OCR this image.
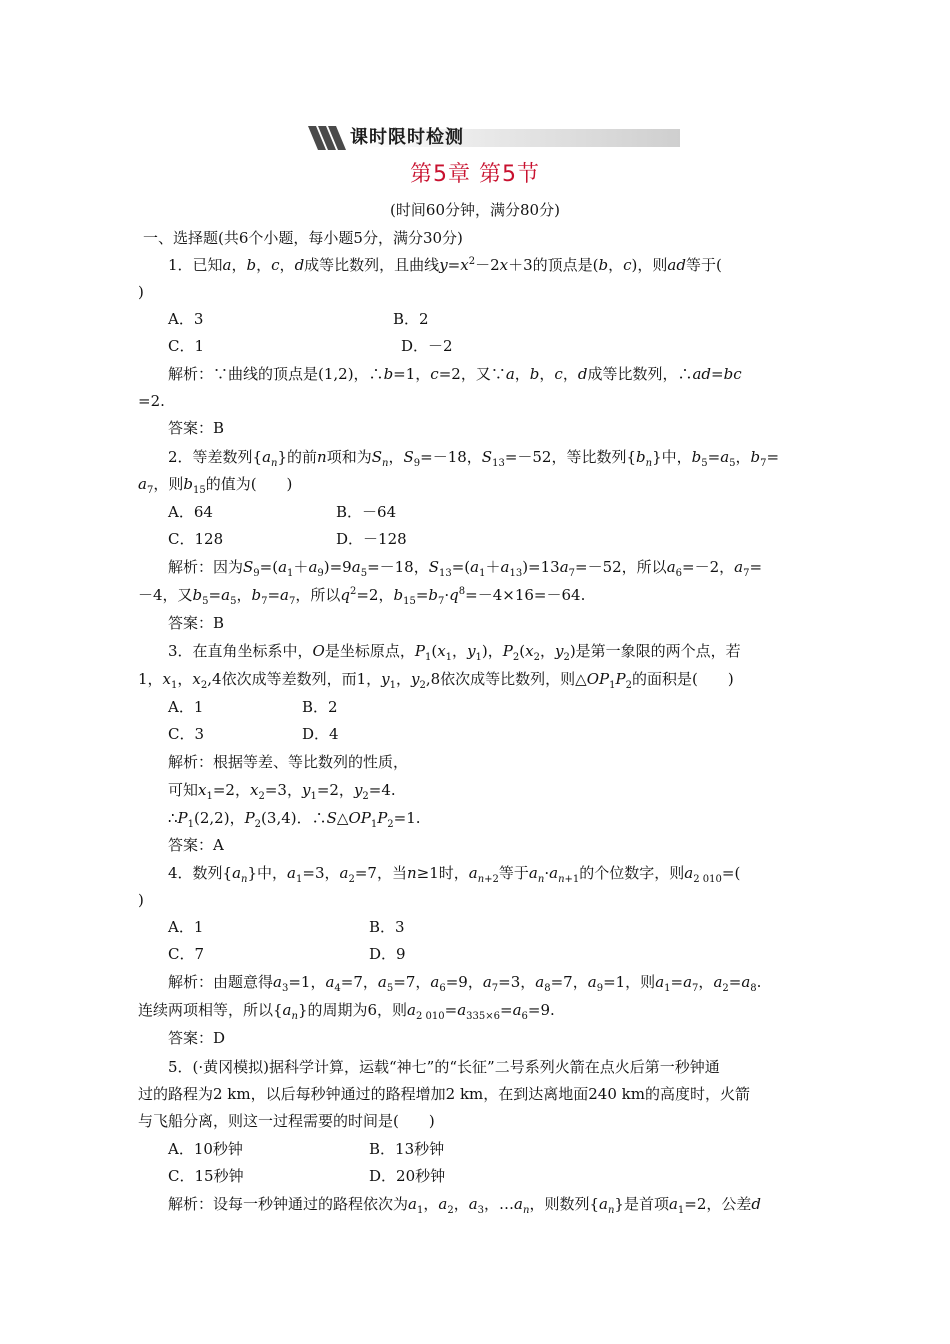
课时限时检测
第5章 第5节
(时间60分钟，满分80分)
一、选择题(共6个小题，每小题5分，满分30分)
1．已知a，b，c，d成等比数列，且曲线$y=x^2-2x+3$的顶点是(b，c)，则ad等于(
)
A．3	B．2
C．1	D．－2
解析：∵曲线的顶点是(1,2)，∴b=1，c=2，又∵a，b，c，d成等比数列，∴ad=bc
=2.
答案：B
2．等差数列$\{a_n\}$的前n项和为$S_n$，$S_9=-18$，$S_{13}=-52$，等比数列$\{b_n\}$中，$b_5=a_5$，$b_7=$
$a_7$，则$b_{15}$的值为(　　)
A．64	B．－64
C．128	D．－128
解析：因为$S_9=(a_1+a_9)=9a_5=-18$，$S_{13}=(a_1+a_{13})=13a_7=-52$，所以$a_6=-2$，$a_7=$
－4，又$b_5=a_5$，$b_7=a_7$，所以$q^2=2$，$b_{15}=b_7\cdot q^8=-4\times 16=-64$.
答案：B
3．在直角坐标系中，O是坐标原点，$P_1(x_1$，$y_1$)，$P_2(x_2$，$y_2$)是第一象限的两个点，若
1，$x_1$，$x_2,4$依次成等差数列，而1，$y_1$，$y_2,8$依次成等比数列，则$\triangle OP_1P_2$的面积是(　　)
A．1	B．2
C．3	D．4
解析：根据等差、等比数列的性质，
可知$x_1=2$，$x_2=3$，$y_1=2$，$y_2=4$.
$\therefore P_1(2,2)$，$P_2(3,4)$．$\therefore S\triangle OP_1P_2=1$.
答案：A
4．数列$\{a_n\}$中，$a_1=3$，$a_2=7$，当n≥1时，$a_{n+2}$等于$a_n\cdot a_{n+1}$的个位数字，则$a_{2 010}=$(
)
A．1	B．3
C．7	D．9
解析：由题意得$a_3=1$，$a_4=7$，$a_5=7$，$a_6=9$，$a_7=3$，$a_8=7$，$a_9=1$，则$a_1=a_7$，$a_2=a_8$.
连续两项相等，所以$\{a_n\}$的周期为6，则$a_{2 010}=a_{335\times 6}=a_6=9$.
答案：D
5．(·黄冈模拟)据科学计算，运载“神七”的“长征”二号系列火箭在点火后第一秒钟通
过的路程为2 km，以后每秒钟通过的路程增加2 km，在到达离地面240 km的高度时，火箭
与飞船分离，则这一过程需要的时间是(　　)
A．10秒钟	B．13秒钟
C．15秒钟	D．20秒钟
解析：设每一秒钟通过的路程依次为$a_1$，$a_2$，$a_3$，$\dots a_n$，则数列$\{a_n\}$是首项$a_1=2$，公差d
